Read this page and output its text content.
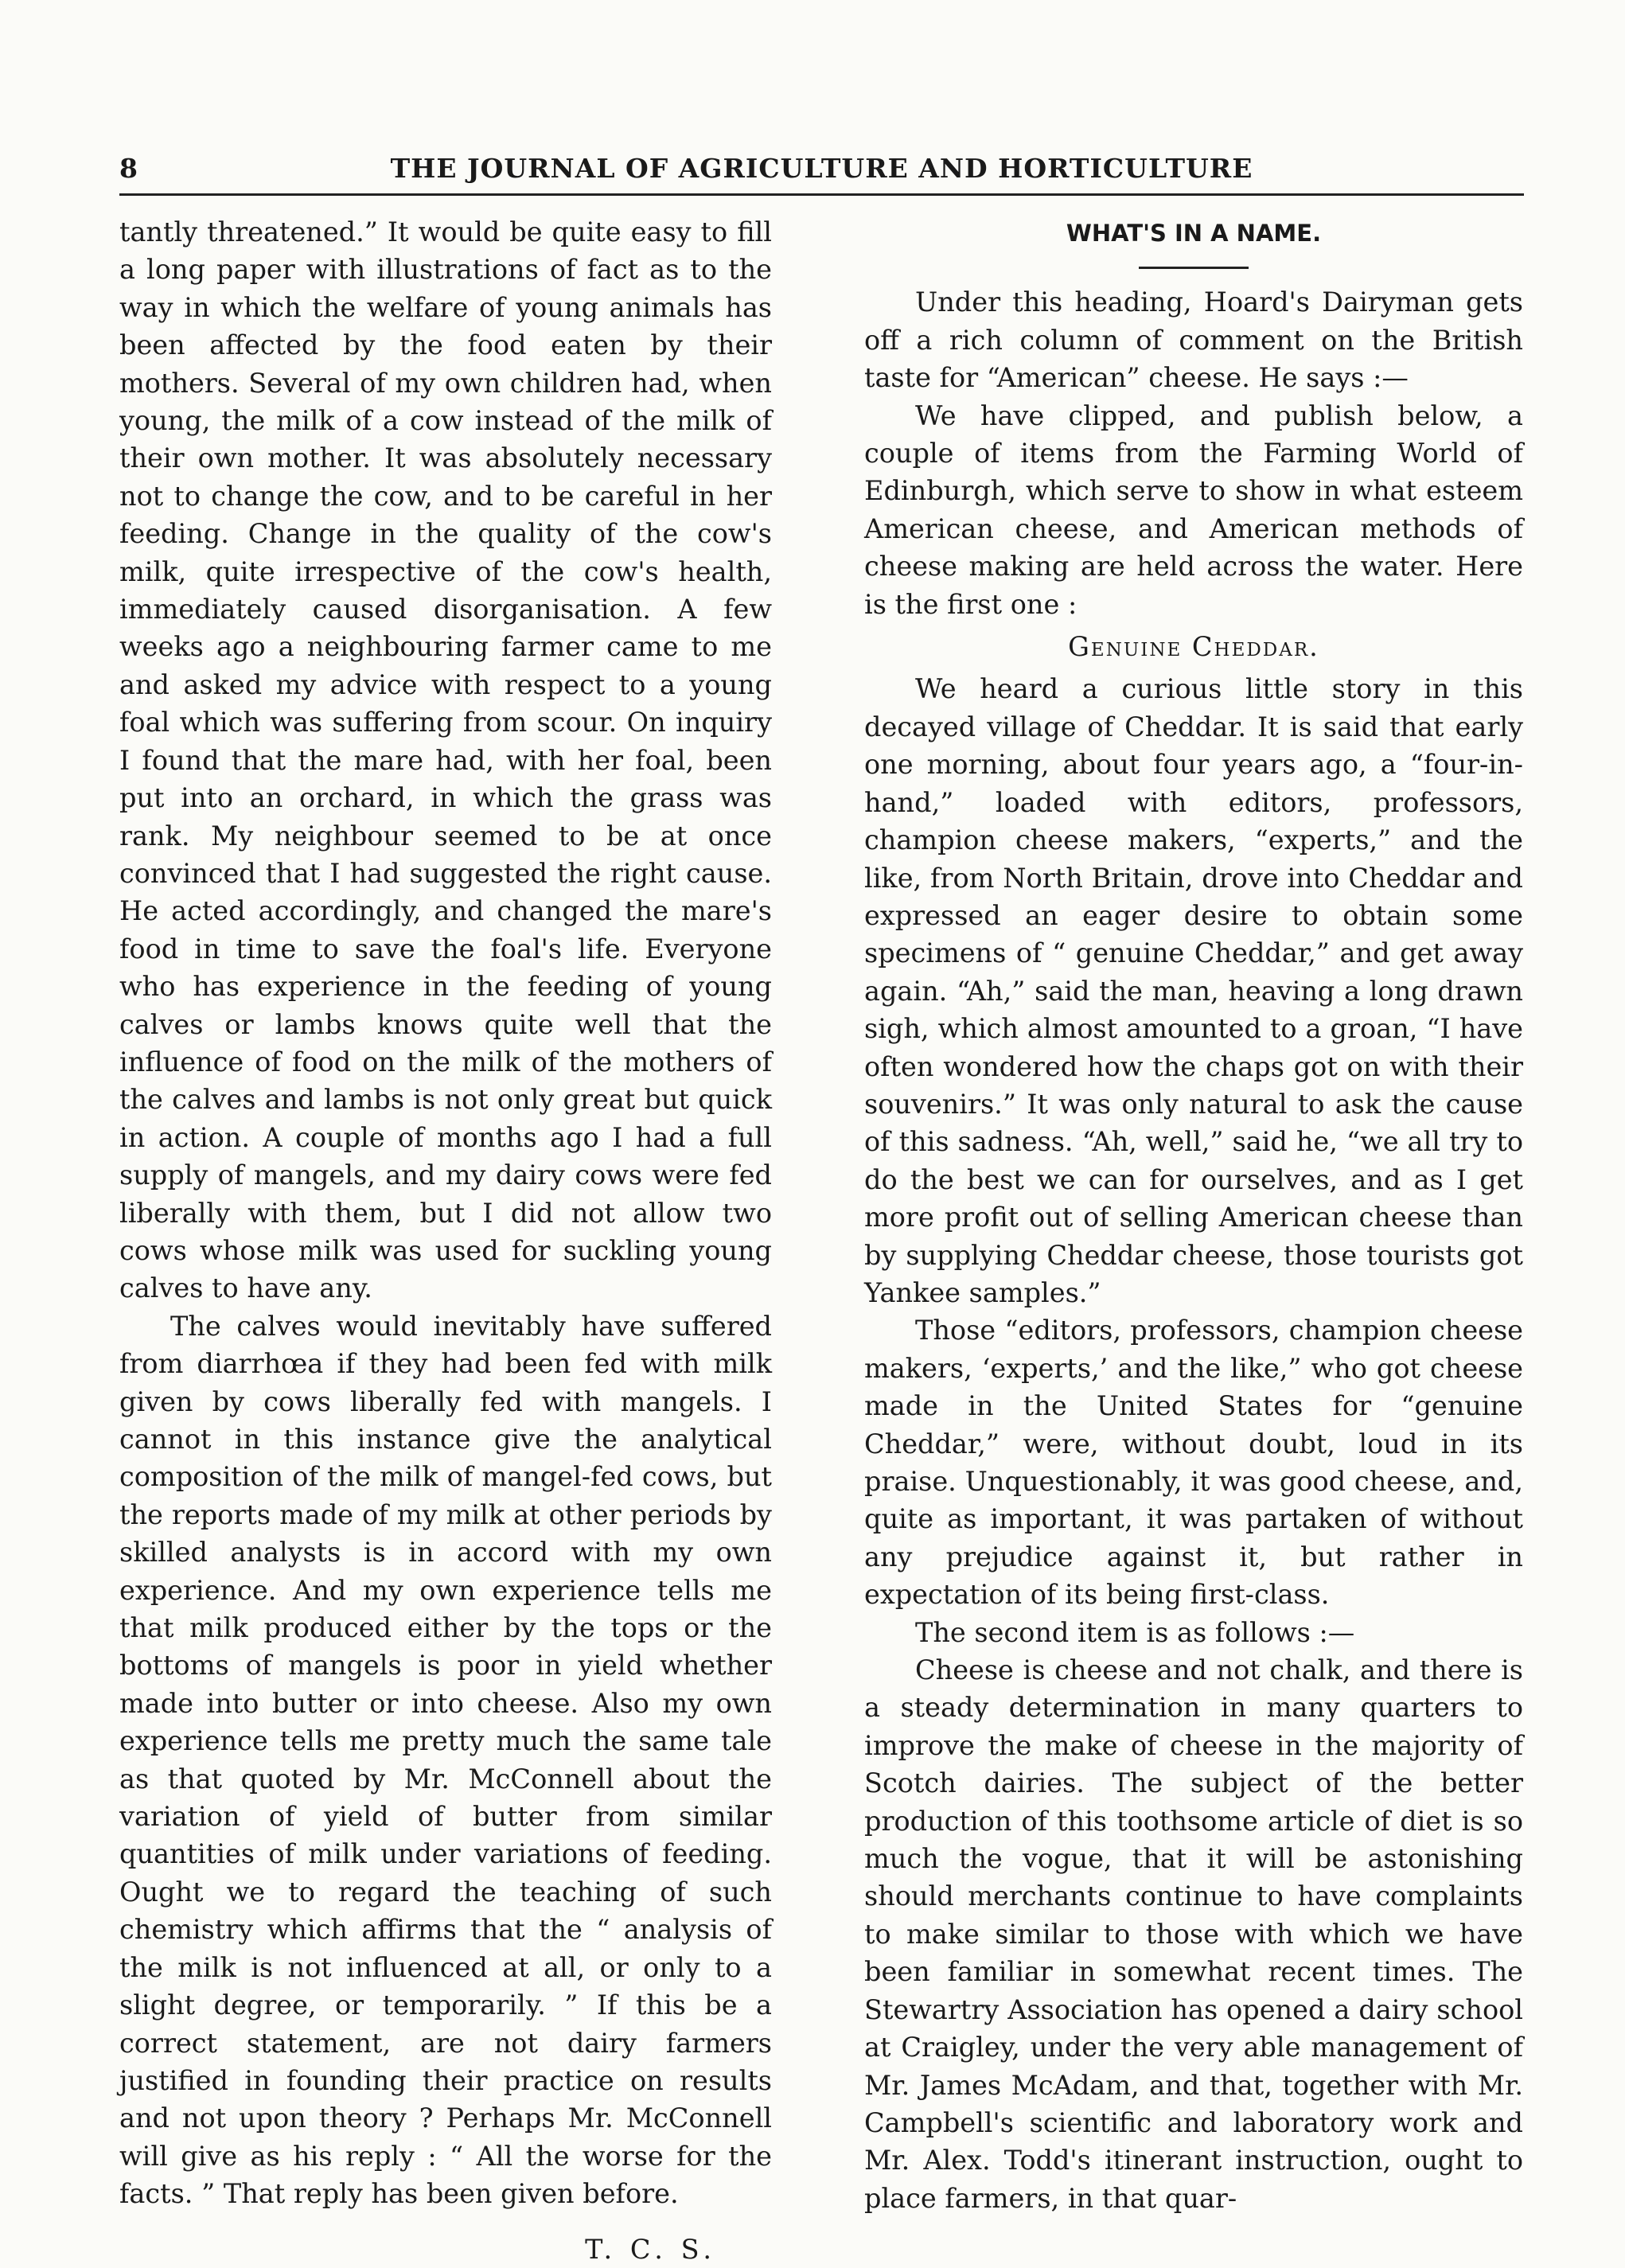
8	THE JOURNAL OF AGRICULTURE AND HORTICULTURE

tantly threatened.” It would be quite easy to fill a long paper with illustrations of fact as to the way in which the welfare of young animals has been affected by the food eaten by their mothers. Several of my own children had, when young, the milk of a cow instead of the milk of their own mother. It was absolutely necessary not to change the cow, and to be careful in her feeding. Change in the quality of the cow's milk, quite irrespective of the cow's health, immediately caused disorganisation. A few weeks ago a neighbouring farmer came to me and asked my advice with respect to a young foal which was suffering from scour. On inquiry I found that the mare had, with her foal, been put into an orchard, in which the grass was rank. My neighbour seemed to be at once convinced that I had suggested the right cause. He acted accordingly, and changed the mare's food in time to save the foal's life. Everyone who has experience in the feeding of young calves or lambs knows quite well that the influence of food on the milk of the mothers of the calves and lambs is not only great but quick in action. A couple of months ago I had a full supply of mangels, and my dairy cows were fed liberally with them, but I did not allow two cows whose milk was used for suckling young calves to have any.

The calves would inevitably have suffered from diarrhœa if they had been fed with milk given by cows liberally fed with mangels. I cannot in this instance give the analytical composition of the milk of mangel-fed cows, but the reports made of my milk at other periods by skilled analysts is in accord with my own experience. And my own experience tells me that milk produced either by the tops or the bottoms of mangels is poor in yield whether made into butter or into cheese. Also my own experience tells me pretty much the same tale as that quoted by Mr. McConnell about the variation of yield of butter from similar quantities of milk under variations of feeding. Ought we to regard the teaching of such chemistry which affirms that the “ analysis of the milk is not influenced at all, or only to a slight degree, or temporarily. ” If this be a correct statement, are not dairy farmers justified in founding their practice on results and not upon theory ? Perhaps Mr. McConnell will give as his reply : “ All the worse for the facts. ” That reply has been given before.

T. C. S.

WHAT'S IN A NAME.

Under this heading, Hoard's Dairyman gets off a rich column of comment on the British taste for “American” cheese. He says :—

We have clipped, and publish below, a couple of items from the Farming World of Edinburgh, which serve to show in what esteem American cheese, and American methods of cheese making are held across the water. Here is the first one :

Genuine Cheddar.

We heard a curious little story in this decayed village of Cheddar. It is said that early one morning, about four years ago, a “four-in-hand,” loaded with editors, professors, champion cheese makers, “experts,” and the like, from North Britain, drove into Cheddar and expressed an eager desire to obtain some specimens of “ genuine Cheddar,” and get away again. “Ah,” said the man, heaving a long drawn sigh, which almost amounted to a groan, “I have often wondered how the chaps got on with their souvenirs.” It was only natural to ask the cause of this sadness. “Ah, well,” said he, “we all try to do the best we can for ourselves, and as I get more profit out of selling American cheese than by supplying Cheddar cheese, those tourists got Yankee samples.”

Those “editors, professors, champion cheese makers, ‘experts,’ and the like,” who got cheese made in the United States for “genuine Cheddar,” were, without doubt, loud in its praise. Unquestionably, it was good cheese, and, quite as important, it was partaken of without any prejudice against it, but rather in expectation of its being first-class.

The second item is as follows :—

Cheese is cheese and not chalk, and there is a steady determination in many quarters to improve the make of cheese in the majority of Scotch dairies. The subject of the better production of this toothsome article of diet is so much the vogue, that it will be astonishing should merchants continue to have complaints to make similar to those with which we have been familiar in somewhat recent times. The Stewartry Association has opened a dairy school at Craigley, under the very able management of Mr. James McAdam, and that, together with Mr. Campbell's scientific and laboratory work and Mr. Alex. Todd's itinerant instruction, ought to place farmers, in that quar-
